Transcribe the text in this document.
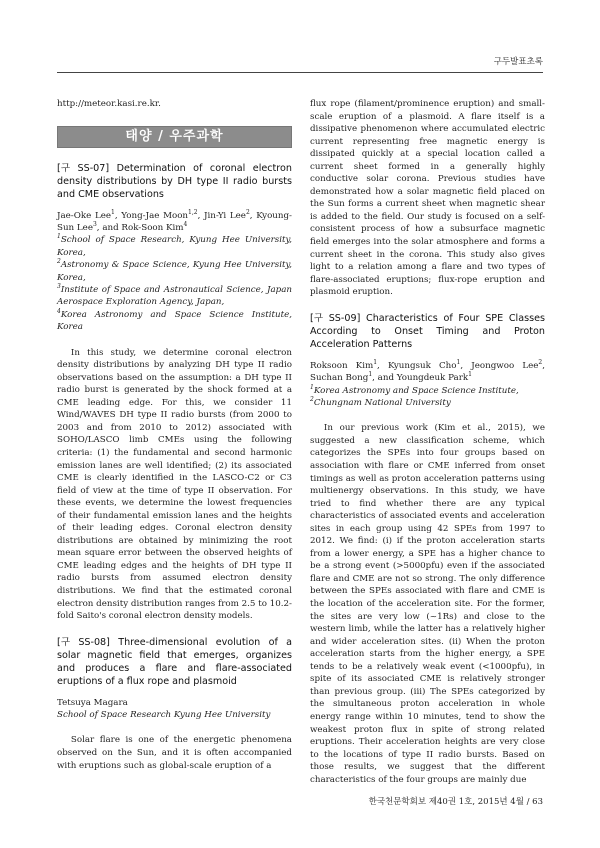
구두발표초록

http://meteor.kasi.re.kr.

태양 / 우주과학

[구 SS-07] Determination of coronal electron density distributions by DH type II radio bursts and CME observations

Jae-Oke Lee$^1$, Yong-Jae Moon$^{1,2}$, Jin-Yi Lee$^2$, Kyoung-Sun Lee$^3$, and Rok-Soon Kim$^4$

$^1$School of Space Research, Kyung Hee University, Korea,

$^2$Astronomy & Space Science, Kyung Hee University, Korea,

$^3$Institute of Space and Astronautical Science, Japan Aerospace Exploration Agency, Japan,

$^4$Korea Astronomy and Space Science Institute, Korea

In this study, we determine coronal electron density distributions by analyzing DH type II radio observations based on the assumption: a DH type II radio burst is generated by the shock formed at a CME leading edge. For this, we consider 11 Wind/WAVES DH type II radio bursts (from 2000 to 2003 and from 2010 to 2012) associated with SOHO/LASCO limb CMEs using the following criteria: (1) the fundamental and second harmonic emission lanes are well identified; (2) its associated CME is clearly identified in the LASCO-C2 or C3 field of view at the time of type II observation. For these events, we determine the lowest frequencies of their fundamental emission lanes and the heights of their leading edges. Coronal electron density distributions are obtained by minimizing the root mean square error between the observed heights of CME leading edges and the heights of DH type II radio bursts from assumed electron density distributions. We find that the estimated coronal electron density distribution ranges from 2.5 to 10.2-fold Saito's coronal electron density models.

[구 SS-08] Three-dimensional evolution of a solar magnetic field that emerges, organizes and produces a flare and flare-associated eruptions of a flux rope and plasmoid

Tetsuya Magara

School of Space Research Kyung Hee University

Solar flare is one of the energetic phenomena observed on the Sun, and it is often accompanied with eruptions such as global-scale eruption of a

flux rope (filament/prominence eruption) and small-scale eruption of a plasmoid. A flare itself is a dissipative phenomenon where accumulated electric current representing free magnetic energy is dissipated quickly at a special location called a current sheet formed in a generally highly conductive solar corona. Previous studies have demonstrated how a solar magnetic field placed on the Sun forms a current sheet when magnetic shear is added to the field. Our study is focused on a self-consistent process of how a subsurface magnetic field emerges into the solar atmosphere and forms a current sheet in the corona. This study also gives light to a relation among a flare and two types of flare-associated eruptions; flux-rope eruption and plasmoid eruption.

[구 SS-09] Characteristics of Four SPE Classes According to Onset Timing and Proton Acceleration Patterns

Roksoon Kim$^1$, Kyungsuk Cho$^1$, Jeongwoo Lee$^2$, Suchan Bong$^1$, and Youngdeuk Park$^1$

$^1$Korea Astronomy and Space Science Institute,

$^2$Chungnam National University

In our previous work (Kim et al., 2015), we suggested a new classification scheme, which categorizes the SPEs into four groups based on association with flare or CME inferred from onset timings as well as proton acceleration patterns using multienergy observations. In this study, we have tried to find whether there are any typical characteristics of associated events and acceleration sites in each group using 42 SPEs from 1997 to 2012. We find: (i) if the proton acceleration starts from a lower energy, a SPE has a higher chance to be a strong event (>5000pfu) even if the associated flare and CME are not so strong. The only difference between the SPEs associated with flare and CME is the location of the acceleration site. For the former, the sites are very low (~1Rs) and close to the western limb, while the latter has a relatively higher and wider acceleration sites. (ii) When the proton acceleration starts from the higher energy, a SPE tends to be a relatively weak event (<1000pfu), in spite of its associated CME is relatively stronger than previous group. (iii) The SPEs categorized by the simultaneous proton acceleration in whole energy range within 10 minutes, tend to show the weakest proton flux in spite of strong related eruptions. Their acceleration heights are very close to the locations of type II radio bursts. Based on those results, we suggest that the different characteristics of the four groups are mainly due

한국천문학회보 제40권 1호, 2015년 4월 / 63
